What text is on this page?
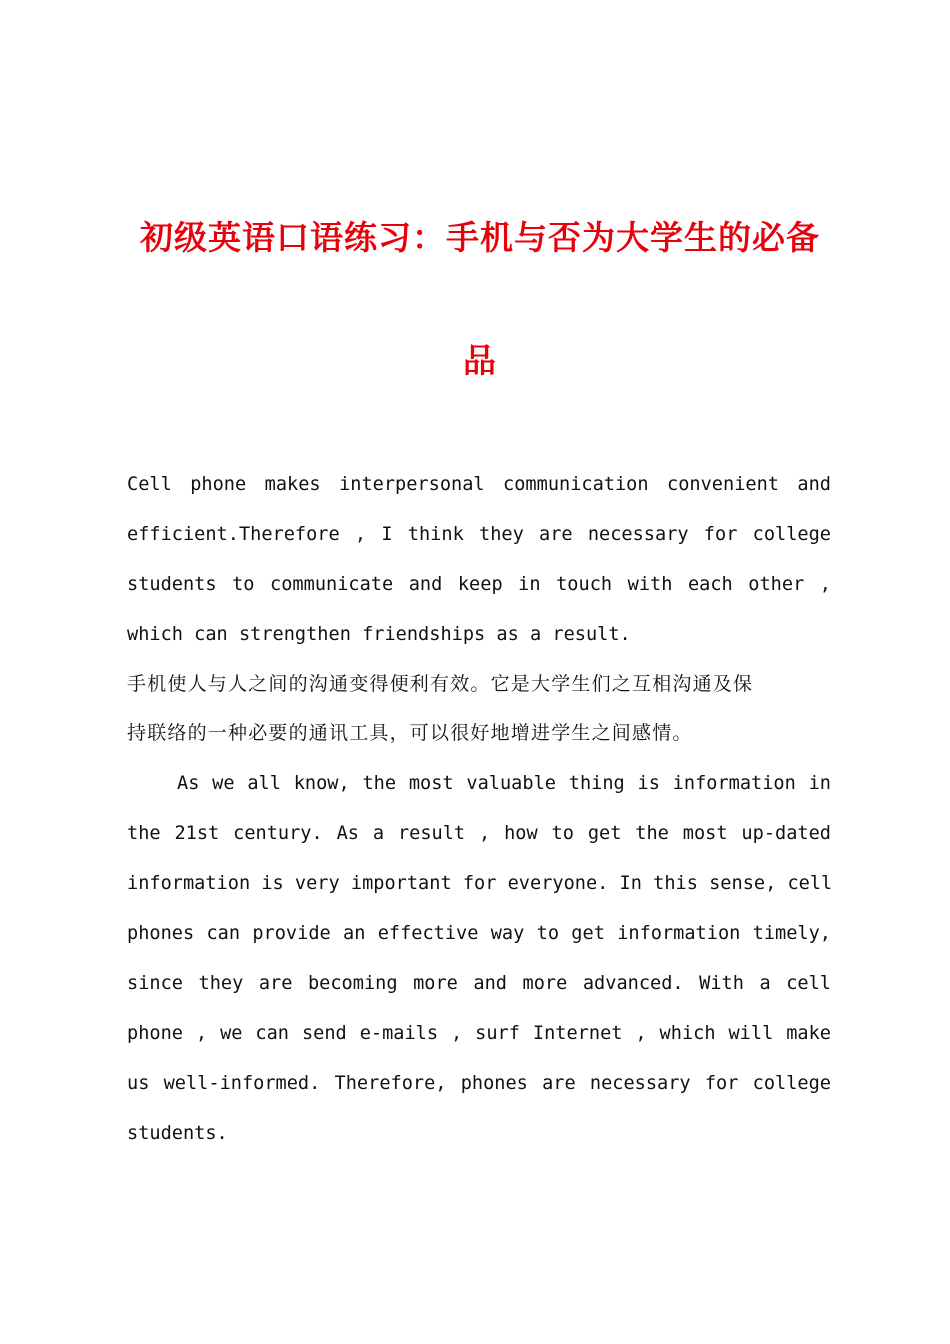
初级英语口语练习：手机与否为大学生的必备
品
Cell phone makes interpersonal communication convenient and
efficient.Therefore , I think they are necessary for college
students to communicate and keep in touch with each other ,
which can strengthen friendships as a result.
手机使人与人之间的沟通变得便利有效。它是大学生们之互相沟通及保
持联络的一种必要的通讯工具，可以很好地增进学生之间感情。
As we all know, the most valuable thing is information in
the 21st century. As a result , how to get the most up-dated
information is very important for everyone. In this sense, cell
phones can provide an effective way to get information timely,
since they are becoming more and more advanced. With a cell
phone , we can send e-mails , surf Internet , which will make
us well-informed. Therefore, phones are necessary for college
students.
